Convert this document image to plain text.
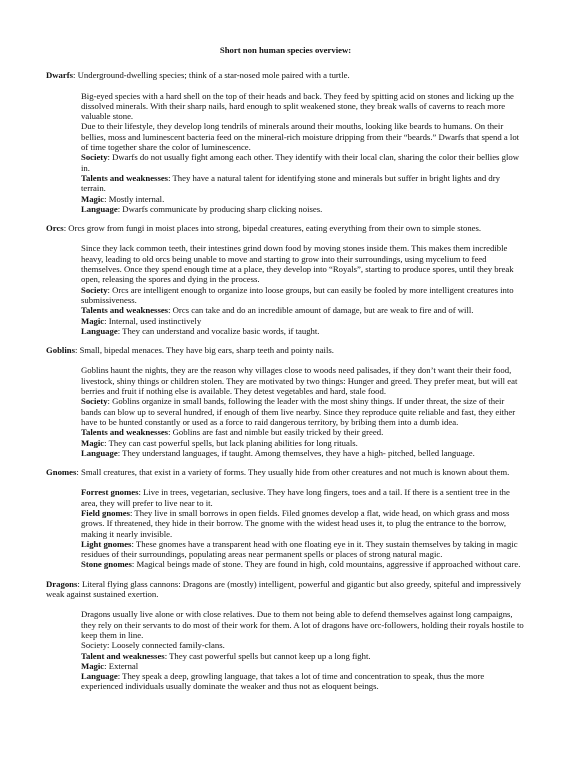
Short non human species overview:

Dwarfs: Underground-dwelling species; think of a star-nosed mole paired with a turtle.

Big-eyed species with a hard shell on the top of their heads and back. They feed by spitting acid on stones and licking up the dissolved minerals. With their sharp nails, hard enough to split weakened stone, they break walls of caverns to reach more valuable stone.

Due to their lifestyle, they develop long tendrils of minerals around their mouths, looking like beards to humans. On their bellies, moss and luminescent bacteria feed on the mineral-rich moisture dripping from their “beards.” Dwarfs that spend a lot of time together share the color of luminescence.

Society: Dwarfs do not usually fight among each other. They identify with their local clan, sharing the color their bellies glow in.

Talents and weaknesses: They have a natural talent for identifying stone and minerals but suffer in bright lights and dry terrain.

Magic: Mostly internal.

Language: Dwarfs communicate by producing sharp clicking noises.

Orcs: Orcs grow from fungi in moist places into strong, bipedal creatures, eating everything from their own to simple stones.

Since they lack common teeth, their intestines grind down food by moving stones inside them. This makes them incredible heavy, leading to old orcs being unable to move and starting to grow into their surroundings, using mycelium to feed themselves. Once they spend enough time at a place, they develop into “Royals”, starting to produce spores, until they break open, releasing the spores and dying in the process.

Society: Orcs are intelligent enough to organize into loose groups, but can easily be fooled by more intelligent creatures into submissiveness.

Talents and weaknesses: Orcs can take and do an incredible amount of damage, but are weak to fire and of will.

Magic: Internal, used instinctively

Language: They can understand and vocalize basic words, if taught.

Goblins: Small, bipedal menaces. They have big ears, sharp teeth and pointy nails.

Goblins haunt the nights, they are the reason why villages close to woods need palisades, if they don’t want their their food, livestock, shiny things or children stolen. They are motivated by two things: Hunger and greed. They prefer meat, but will eat berries and fruit if nothing else is available. They detest vegetables and hard, stale food.

Society: Goblins organize in small bands, following the leader with the most shiny things. If under threat, the size of their bands can blow up to several hundred, if enough of them live nearby. Since they reproduce quite reliable and fast, they either have to be hunted constantly or used as a force to raid dangerous territory, by bribing them into a dumb idea.

Talents and weaknesses: Goblins are fast and nimble but easily tricked by their greed.

Magic: They can cast powerful spells, but lack planing abilities for long rituals.

Language: They understand languages, if taught. Among themselves, they have a high- pitched, belled language.

Gnomes: Small creatures, that exist in a variety of forms. They usually hide from other creatures and not much is known about them.

Forrest gnomes: Live in trees, vegetarian, seclusive. They have long fingers, toes and a tail. If there is a sentient tree in the area, they will prefer to live near to it.

Field gnomes: They live in small borrows in open fields. Filed gnomes develop a flat, wide head, on which grass and moss grows. If threatened, they hide in their borrow. The gnome with the widest head uses it, to plug the entrance to the borrow, making it nearly invisible.

Light gnomes: These gnomes have a transparent head with one floating eye in it. They sustain themselves by taking in magic residues of their surroundings, populating areas near permanent spells or places of strong natural magic.

Stone gnomes: Magical beings made of stone. They are found in high, cold mountains, aggressive if approached without care.

Dragons: Literal flying glass cannons: Dragons are (mostly) intelligent, powerful and gigantic but also greedy, spiteful and impressively weak against sustained exertion.

Dragons usually live alone or with close relatives. Due to them not being able to defend themselves against long campaigns, they rely on their servants to do most of their work for them. A lot of dragons have orc-followers, holding their royals hostile to keep them in line.

Society: Loosely connected family-clans.

Talent and weaknesses: They cast powerful spells but cannot keep up a long fight.

Magic: External

Language: They speak a deep, growling language, that takes a lot of time and concentration to speak, thus the more experienced individuals usually dominate the weaker and thus not as eloquent beings.
